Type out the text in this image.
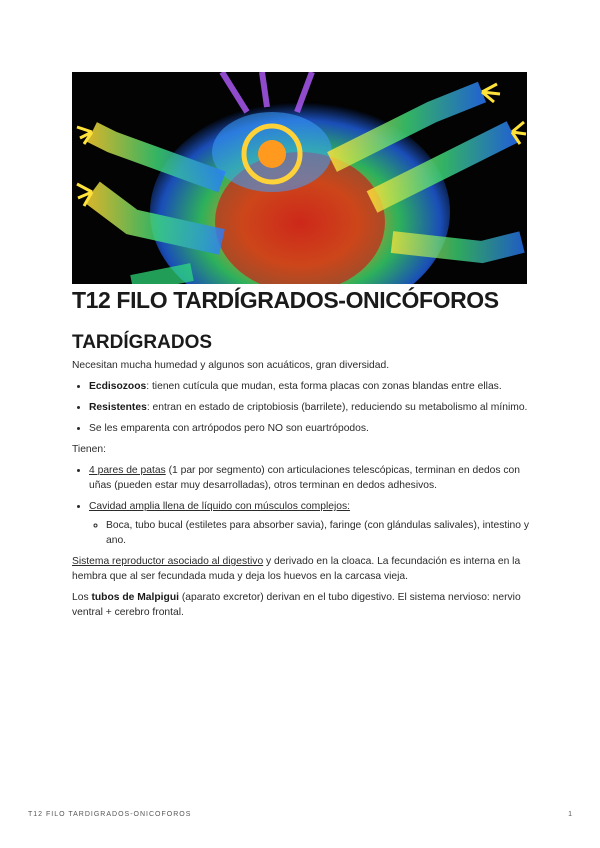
T12 FILO TARDÍGRADOS-ONICÓFOROS
TARDÍGRADOS

Necesitan mucha humedad y algunos son acuáticos, gran diversidad.

• Ecdisozoos: tienen cutícula que mudan, esta forma placas con zonas blandas entre ellas.
• Resistentes: entran en estado de criptobiosis (barrilete), reduciendo su metabolismo al mínimo.
• Se les emparenta con artrópodos pero NO son euartrópodos.

Tienen:

• 4 pares de patas (1 par por segmento) con articulaciones telescópicas, terminan en dedos con uñas (pueden estar muy desarrolladas), otros terminan en dedos adhesivos.
• Cavidad amplia llena de líquido con músculos complejos:
◦ Boca, tubo bucal (estiletes para absorber savia), faringe (con glándulas salivales), intestino y ano.

Sistema reproductor asociado al digestivo y derivado en la cloaca. La fecundación es interna en la hembra que al ser fecundada muda y deja los huevos en la carcasa vieja.

Los tubos de Malpigui (aparato excretor) derivan en el tubo digestivo. El sistema nervioso: nervio ventral + cerebro frontal.

T12 FILO TARDIGRADOS-ONICOFOROS	1
